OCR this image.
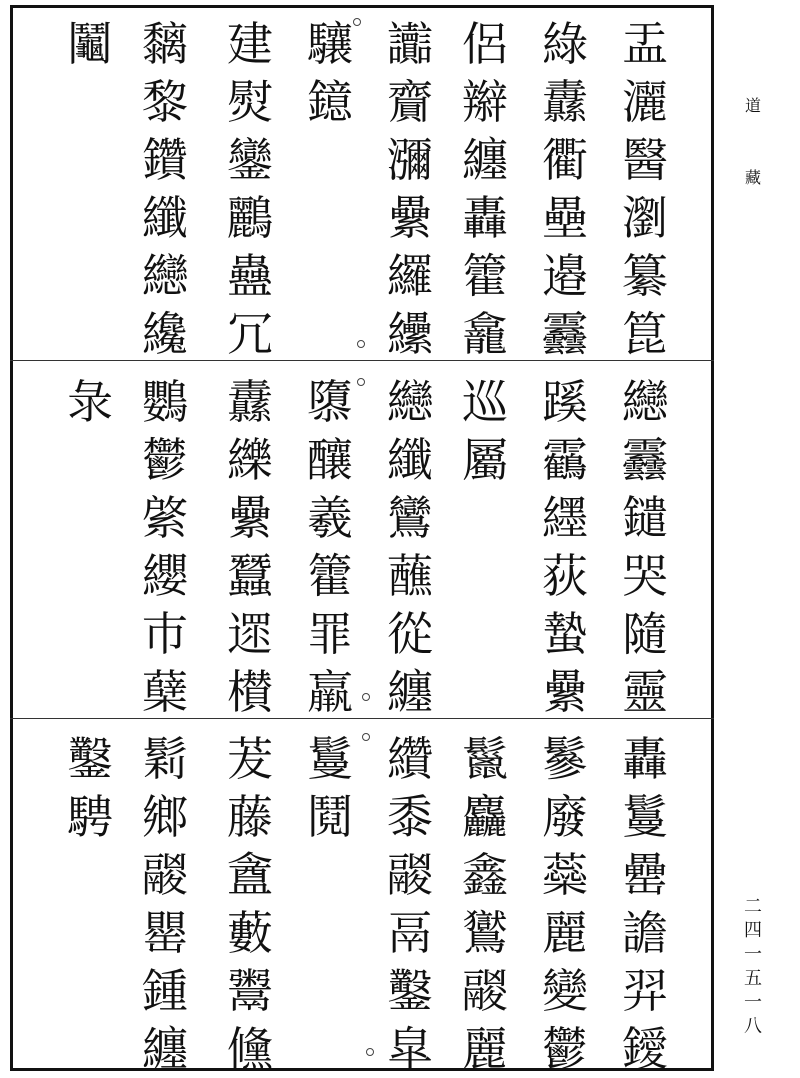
盂
灑
醫
瀏
纂
箟
綠
纛
衢
壘
邉
䨺
侶
辮
纏
轟
籗
龕
讟
齎
瀰
纍
纙
纝
驤
鐿
建
熨
鑾
鸝
蠱
冗
黐
黎
鑽
纖
纞
纔
鬮
纞
䨺
鑓
哭
隨
靈
蹊
靏
纆
荻
蟄
纍
巡
屬
纞
纖
鸞
蘸
從
纏
隳
釀
羲
籗
罪
羸
纛
纅
纍
蠶
遝
櫕
鸚
鬱
綮
纓
巿
蘖
彔
轟
鬘
罍
譫
羿
鑀
鬖
廢
蘂
麗
變
鬱
鬣
麤
鑫
鸑
鬷
麗
纘
黍
鬷
鬲
鑿
皐
鬘
鬩
茇
藤
盦
藪
鬻
儵
鬁
鄉
鬷
罌
鍾
纏
鑿
騁
道
藏
二
四
一
五
一
八
